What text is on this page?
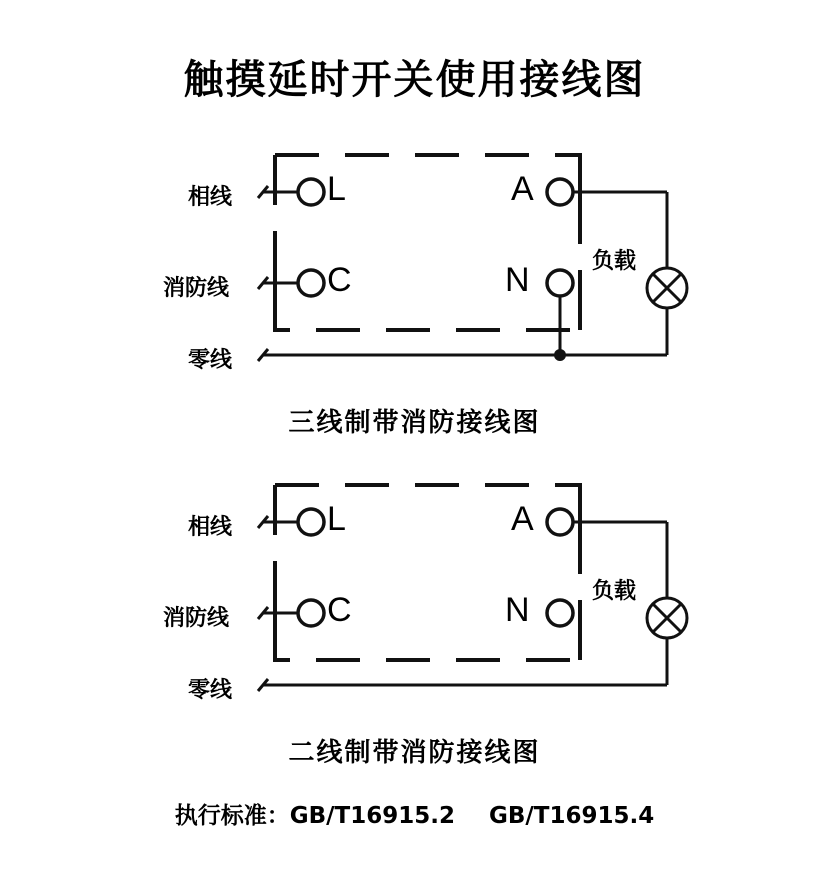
触摸延时开关使用接线图
相线
消防线
零线
负载
L
C
A
N
三线制带消防接线图
相线
消防线
零线
负载
L
C
A
N
二线制带消防接线图
执行标准：GB/T16915.2 GB/T16915.4
